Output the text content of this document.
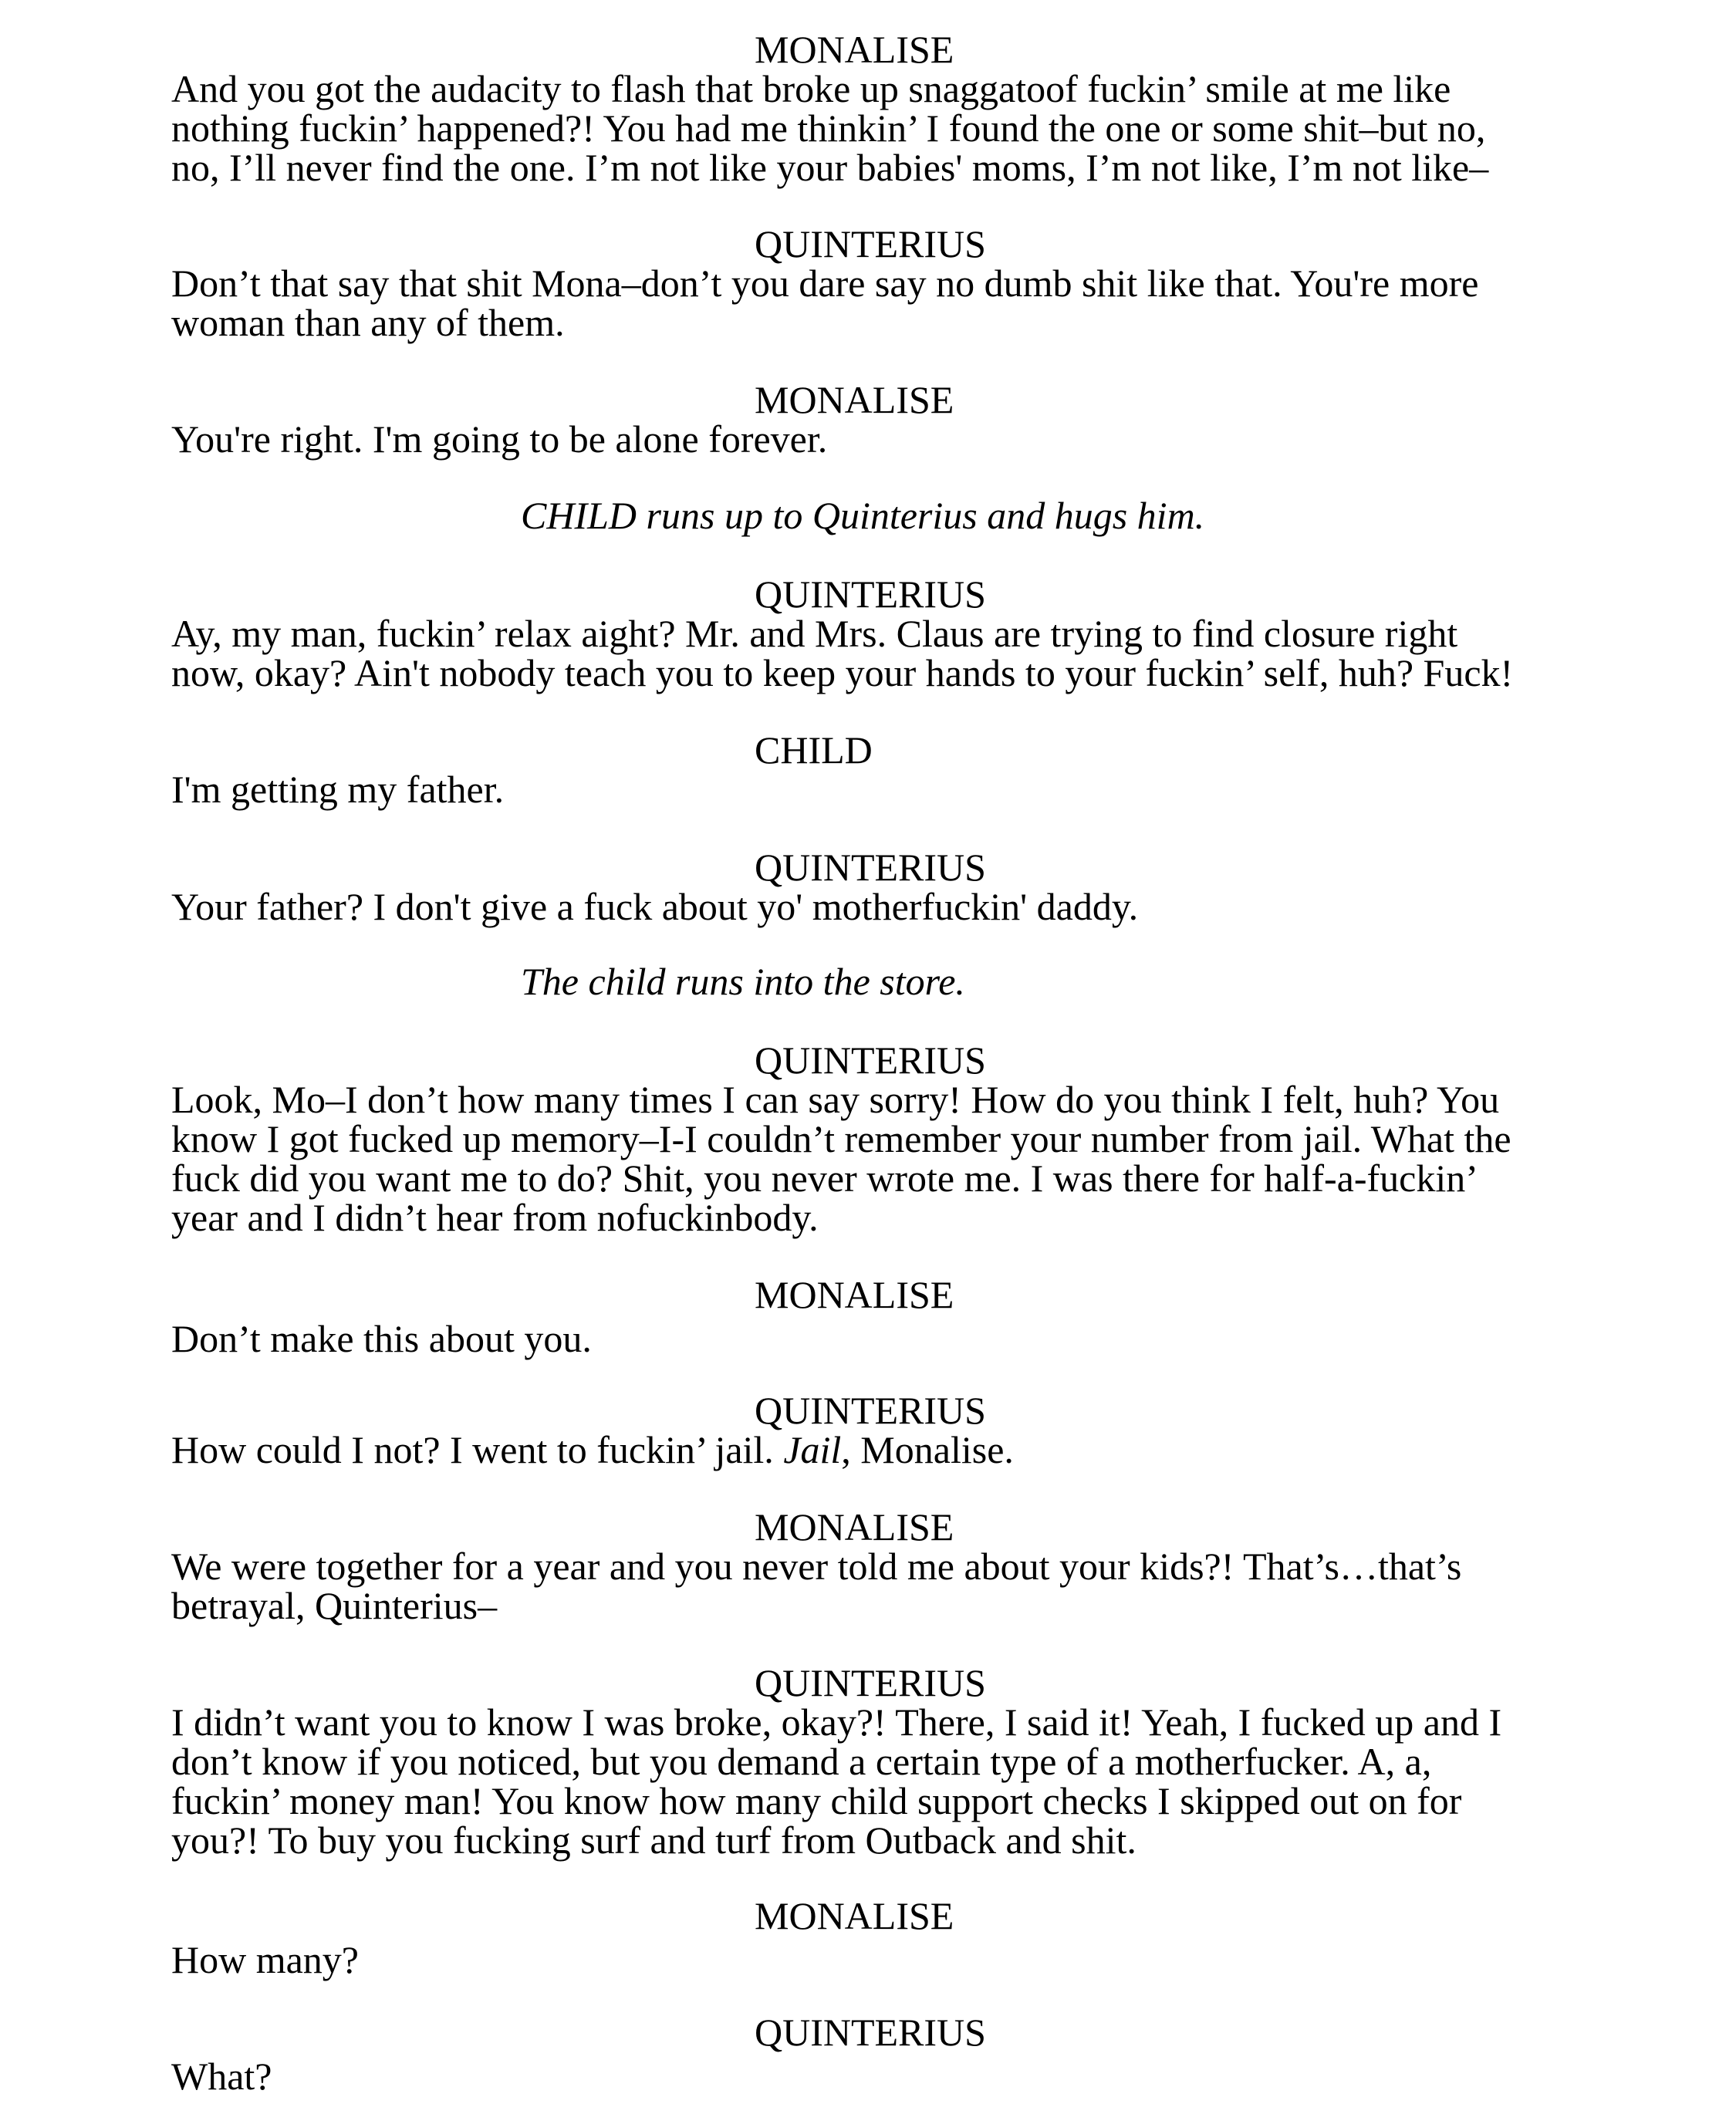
MONALISE
And you got the audacity to flash that broke up snaggatoof fuckin’ smile at me like
nothing fuckin’ happened?! You had me thinkin’ I found the one or some shit–but no,
no, I’ll never find the one. I’m not like your babies' moms, I’m not like, I’m not like–
QUINTERIUS
Don’t that say that shit Mona–don’t you dare say no dumb shit like that. You're more
woman than any of them.
MONALISE
You're right. I'm going to be alone forever.
CHILD runs up to Quinterius and hugs him.
QUINTERIUS
Ay, my man, fuckin’ relax aight? Mr. and Mrs. Claus are trying to find closure right
now, okay? Ain't nobody teach you to keep your hands to your fuckin’ self, huh? Fuck!
CHILD
I'm getting my father.
QUINTERIUS
Your father? I don't give a fuck about yo' motherfuckin' daddy.
The child runs into the store.
QUINTERIUS
Look, Mo–I don’t how many times I can say sorry! How do you think I felt, huh? You
know I got fucked up memory–I-I couldn’t remember your number from jail. What the
fuck did you want me to do? Shit, you never wrote me. I was there for half-a-fuckin’
year and I didn’t hear from nofuckinbody.
MONALISE
Don’t make this about you.
QUINTERIUS
How could I not? I went to fuckin’ jail. Jail, Monalise.
MONALISE
We were together for a year and you never told me about your kids?! That’s…that’s
betrayal, Quinterius–
QUINTERIUS
I didn’t want you to know I was broke, okay?! There, I said it! Yeah, I fucked up and I
don’t know if you noticed, but you demand a certain type of a motherfucker. A, a,
fuckin’ money man! You know how many child support checks I skipped out on for
you?! To buy you fucking surf and turf from Outback and shit.
MONALISE
How many?
QUINTERIUS
What?
